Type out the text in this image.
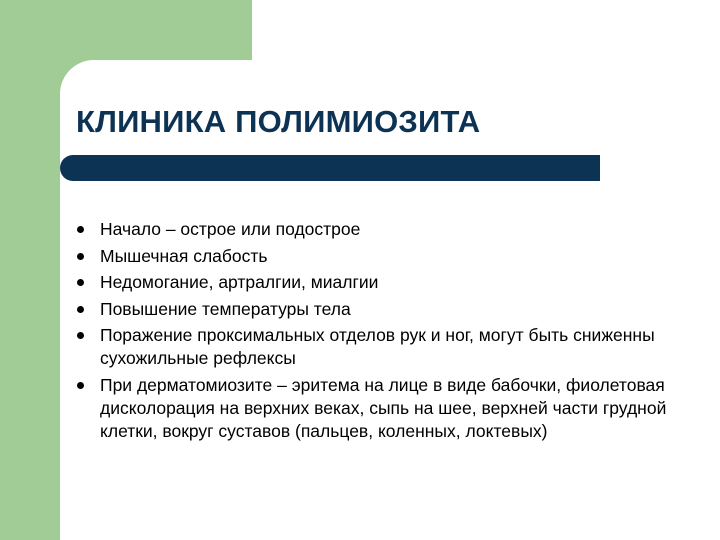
КЛИНИКА ПОЛИМИОЗИТА
Начало – острое или подострое
Мышечная слабость
Недомогание, артралгии, миалгии
Повышение температуры тела
Поражение проксимальных отделов рук и ног, могут быть сниженны сухожильные рефлексы
При дерматомиозите – эритема на лице в виде бабочки, фиолетовая дисколорация на верхних веках, сыпь на шее, верхней части грудной клетки, вокруг суставов (пальцев, коленных, локтевых)
